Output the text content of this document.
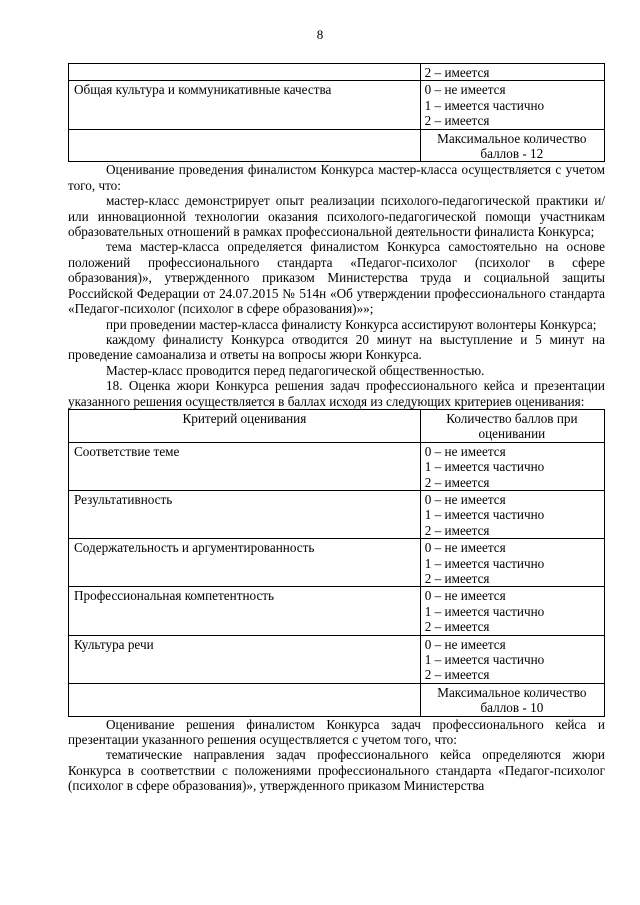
8

	2 – имеется

Общая культура и коммуникативные качества	0 – не имеется
1 – имеется частично
2 – имеется

	Максимальное количество баллов - 12

Оценивание проведения финалистом Конкурса мастер-класса осуществляется с учетом того, что:

мастер-класс демонстрирует опыт реализации психолого-педагогической практики и/или инновационной технологии оказания психолого-педагогической помощи участникам образовательных отношений в рамках профессиональной деятельности финалиста Конкурса;

тема мастер-класса определяется финалистом Конкурса самостоятельно на основе положений профессионального стандарта «Педагог-психолог (психолог в сфере образования)», утвержденного приказом Министерства труда и социальной защиты Российской Федерации от 24.07.2015 № 514н «Об утверждении профессионального стандарта «Педагог-психолог (психолог в сфере образования)»»;

при проведении мастер-класса финалисту Конкурса ассистируют волонтеры Конкурса;

каждому финалисту Конкурса отводится 20 минут на выступление и 5 минут на проведение самоанализа и ответы на вопросы жюри Конкурса.

Мастер-класс проводится перед педагогической общественностью.

18. Оценка жюри Конкурса решения задач профессионального кейса и презентации указанного решения осуществляется в баллах исходя из следующих критериев оценивания:

Критерий оценивания	Количество баллов при оценивании
Соответствие теме	0 – не имеется
1 – имеется частично
2 – имеется

Результативность	0 – не имеется
1 – имеется частично
2 – имеется

Содержательность и аргументированность	0 – не имеется
1 – имеется частично
2 – имеется

Профессиональная компетентность	0 – не имеется
1 – имеется частично
2 – имеется

Культура речи	0 – не имеется
1 – имеется частично
2 – имеется

	Максимальное количество баллов - 10

Оценивание решения финалистом Конкурса задач профессионального кейса и презентации указанного решения осуществляется с учетом того, что:

тематические направления задач профессионального кейса определяются жюри Конкурса в соответствии с положениями профессионального стандарта «Педагог-психолог (психолог в сфере образования)», утвержденного приказом Министерства
